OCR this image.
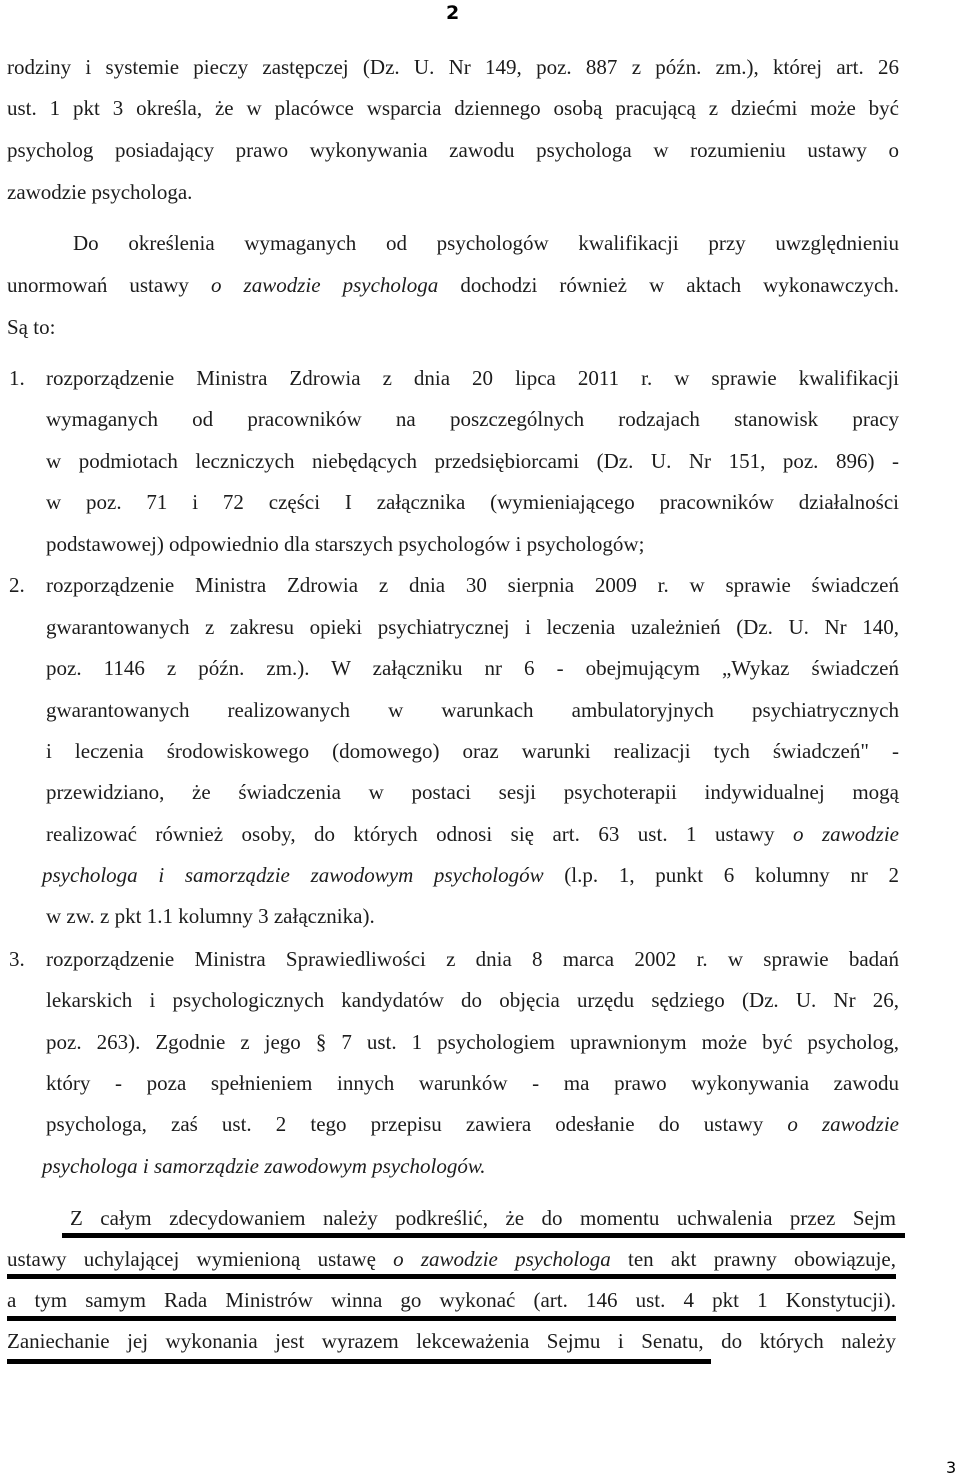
2
rodziny i systemie pieczy zastępczej (Dz. U. Nr 149, poz. 887 z późn. zm.), której art. 26
ust. 1 pkt 3 określa, że w placówce wsparcia dziennego osobą pracującą z dziećmi może być
psycholog posiadający prawo wykonywania zawodu psychologa w rozumieniu ustawy o
zawodzie psychologa.
Do określenia wymaganych od psychologów kwalifikacji przy uwzględnieniu
unormowań ustawy o zawodzie psychologa dochodzi również w aktach wykonawczych.
Są to:
1. rozporządzenie Ministra Zdrowia z dnia 20 lipca 2011 r. w sprawie kwalifikacji
wymaganych od pracowników na poszczególnych rodzajach stanowisk pracy
w podmiotach leczniczych niebędących przedsiębiorcami (Dz. U. Nr 151, poz. 896) -
w poz. 71 i 72 części I załącznika (wymieniającego pracowników działalności
podstawowej) odpowiednio dla starszych psychologów i psychologów;
2. rozporządzenie Ministra Zdrowia z dnia 30 sierpnia 2009 r. w sprawie świadczeń
gwarantowanych z zakresu opieki psychiatrycznej i leczenia uzależnień (Dz. U. Nr 140,
poz. 1146 z późn. zm.). W załączniku nr 6 - obejmującym „Wykaz świadczeń
gwarantowanych realizowanych w warunkach ambulatoryjnych psychiatrycznych
i leczenia środowiskowego (domowego) oraz warunki realizacji tych świadczeń" -
przewidziano, że świadczenia w postaci sesji psychoterapii indywidualnej mogą
realizować również osoby, do których odnosi się art. 63 ust. 1 ustawy o zawodzie
psychologa i samorządzie zawodowym psychologów (l.p. 1, punkt 6 kolumny nr 2
w zw. z pkt 1.1 kolumny 3 załącznika).
3. rozporządzenie Ministra Sprawiedliwości z dnia 8 marca 2002 r. w sprawie badań
lekarskich i psychologicznych kandydatów do objęcia urzędu sędziego (Dz. U. Nr 26,
poz. 263). Zgodnie z jego § 7 ust. 1 psychologiem uprawnionym może być psycholog,
który - poza spełnieniem innych warunków - ma prawo wykonywania zawodu
psychologa, zaś ust. 2 tego przepisu zawiera odesłanie do ustawy o zawodzie
psychologa i samorządzie zawodowym psychologów.
Z całym zdecydowaniem należy podkreślić, że do momentu uchwalenia przez Sejm
ustawy uchylającej wymienioną ustawę o zawodzie psychologa ten akt prawny obowiązuje,
a tym samym Rada Ministrów winna go wykonać (art. 146 ust. 4 pkt 1 Konstytucji).
Zaniechanie jej wykonania jest wyrazem lekceważenia Sejmu i Senatu, do których należy
3
